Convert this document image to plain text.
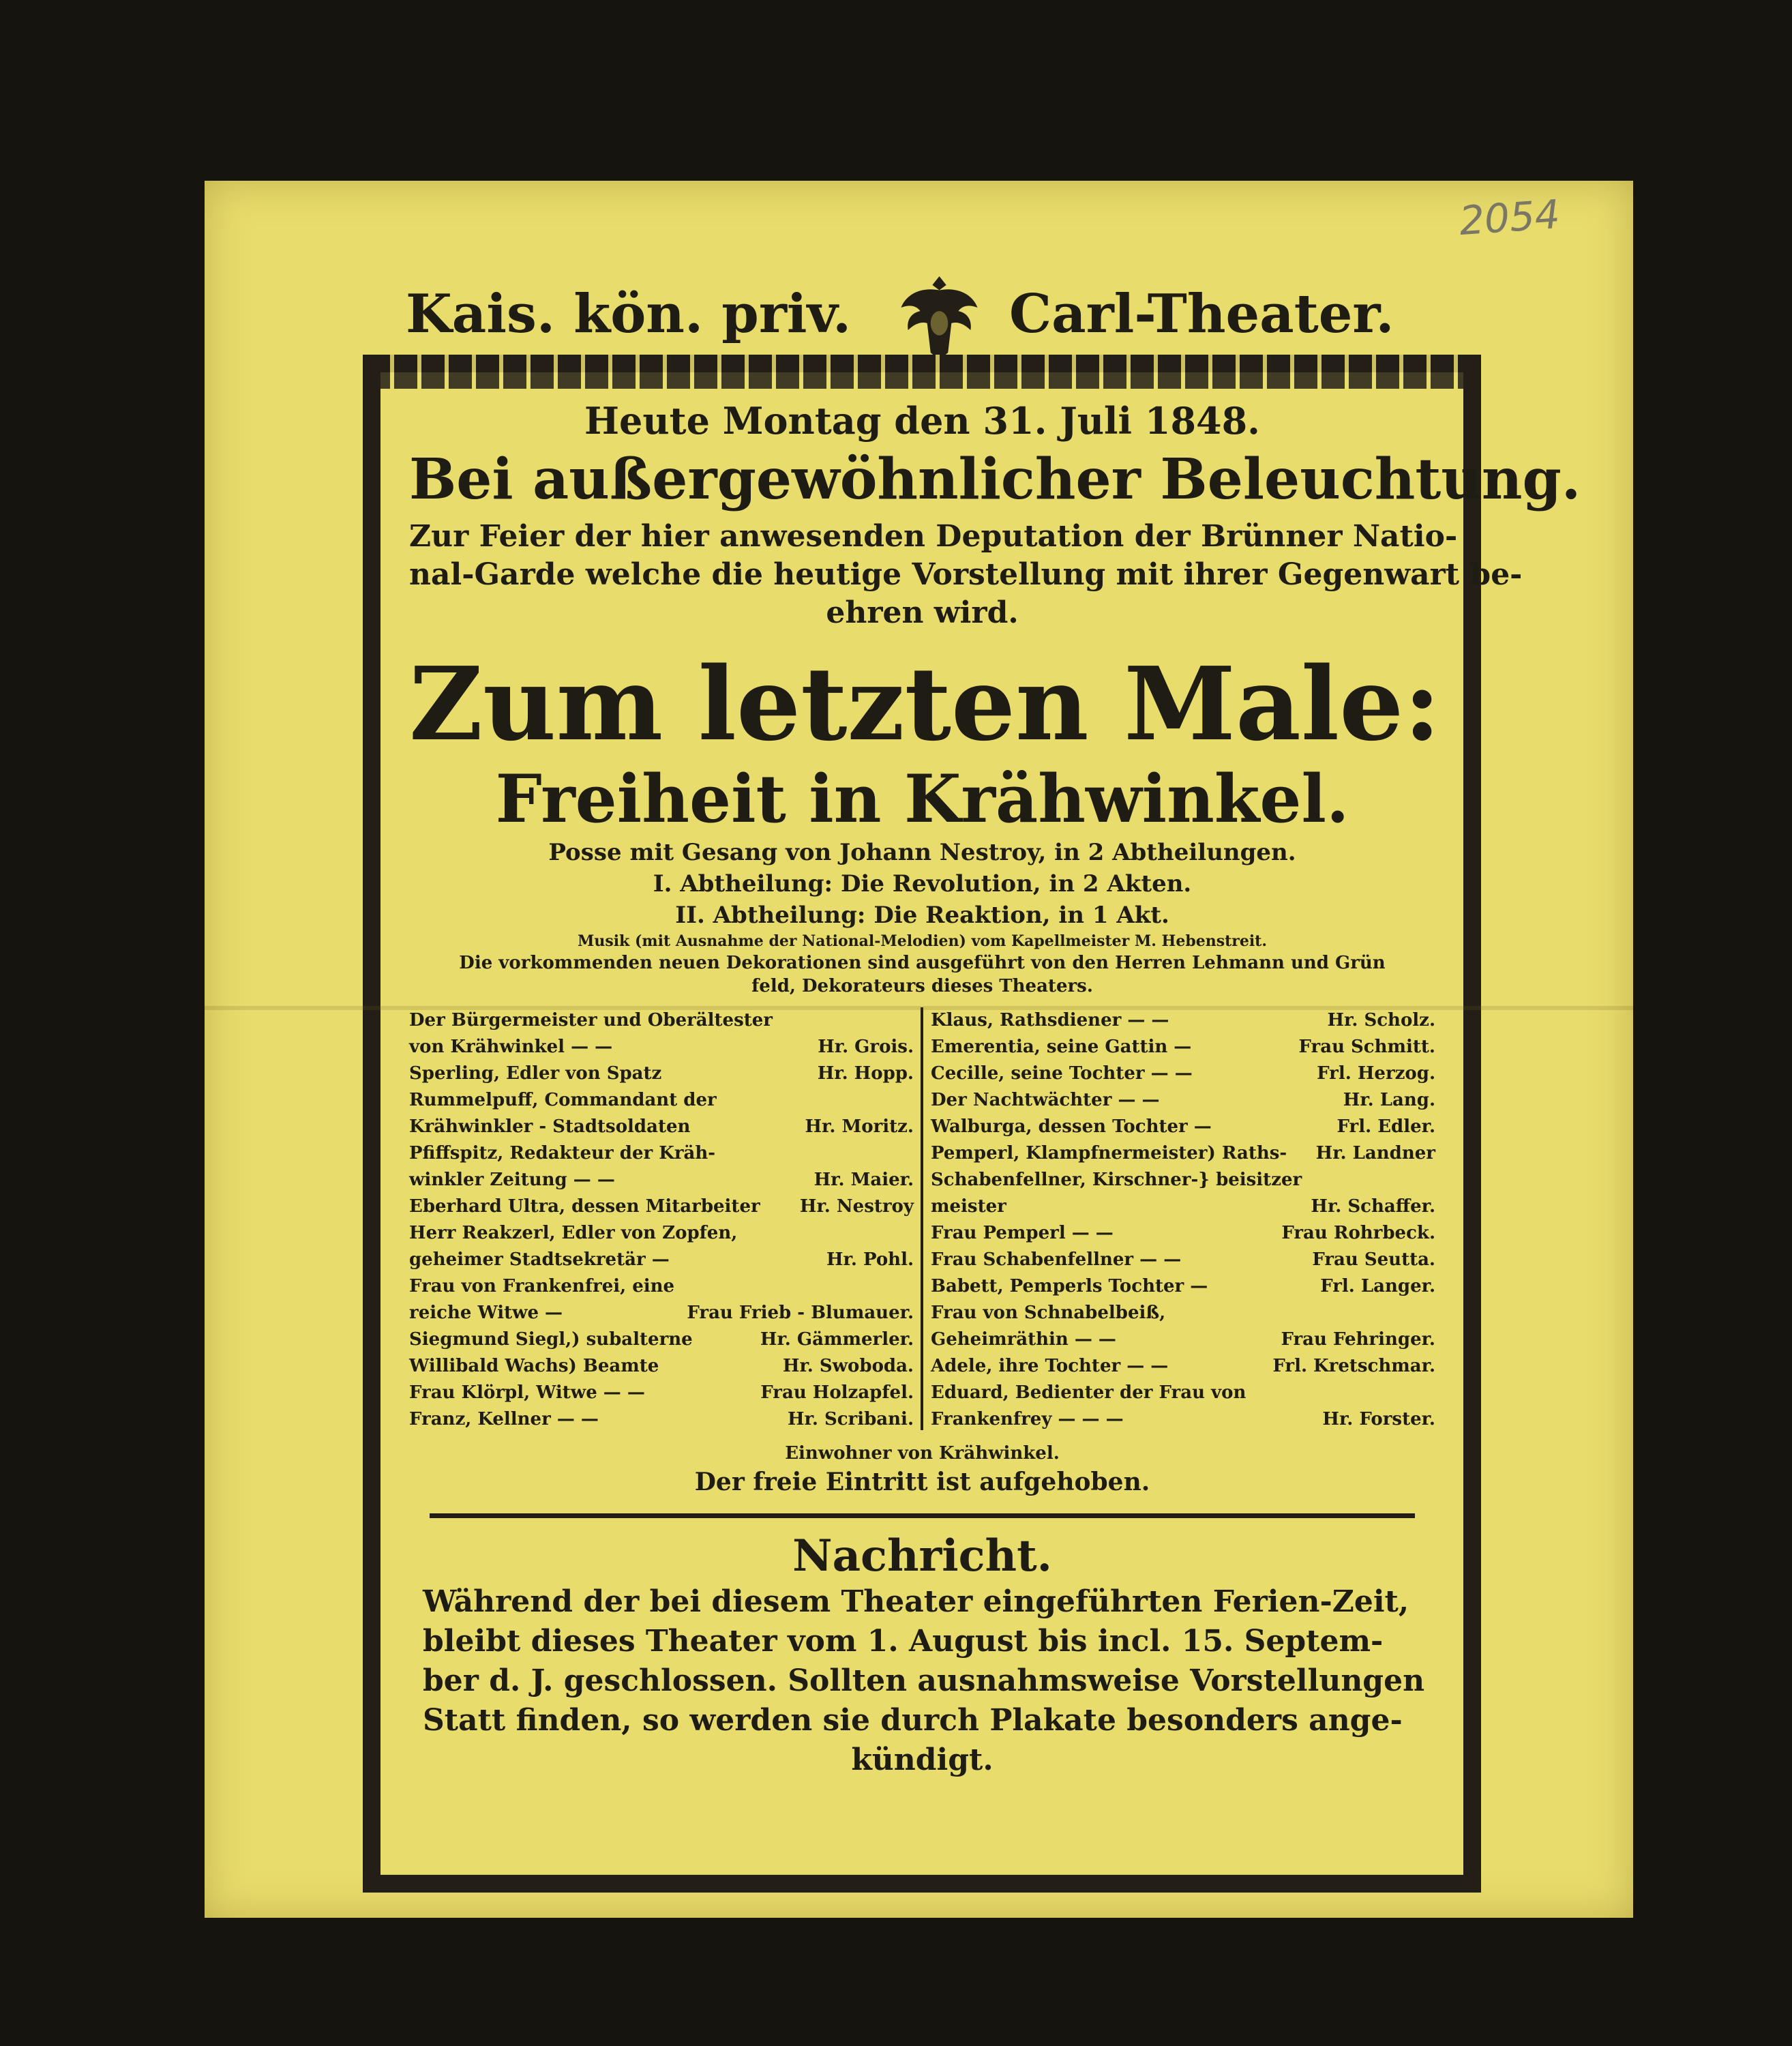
2054
Kais. kön. priv.	Carl-Theater.
Heute Montag den 31. Juli 1848.
Bei außergewöhnlicher Beleuchtung.
Zur Feier der hier anwesenden Deputation der Brünner Natio-
nal-Garde welche die heutige Vorstellung mit ihrer Gegenwart be-
ehren wird.
Zum letzten Male:
Freiheit in Krähwinkel.
Posse mit Gesang von Johann Nestroy, in 2 Abtheilungen.
I. Abtheilung: Die Revolution, in 2 Akten.
II. Abtheilung: Die Reaktion, in 1 Akt.
Musik (mit Ausnahme der National-Melodien) vom Kapellmeister M. Hebenstreit.
Die vorkommenden neuen Dekorationen sind ausgeführt von den Herren Lehmann und Grün
feld, Dekorateurs dieses Theaters.
Der Bürgermeister und Oberältester
von Krähwinkel — —	Hr. Grois.
Sperling, Edler von Spatz	Hr. Hopp.
Rummelpuff, Commandant der
Krähwinkler - Stadtsoldaten	Hr. Moritz.
Pfiffspitz, Redakteur der Kräh-
winkler Zeitung — —	Hr. Maier.
Eberhard Ultra, dessen Mitarbeiter Hr. Nestroy
Herr Reakzerl, Edler von Zopfen,
geheimer Stadtsekretär —	Hr. Pohl.
Frau von Frankenfrei, eine
reiche Witwe —	Frau Frieb - Blumauer.
Siegmund Siegl,) subalterne	Hr. Gämmerler.
Willibald Wachs) Beamte	Hr. Swoboda.
Frau Klörpl, Witwe — —	Frau Holzapfel.
Franz, Kellner — —	Hr. Scribani.
Klaus, Rathsdiener — —	Hr. Scholz.
Emerentia, seine Gattin —	Frau Schmitt.
Cecille, seine Tochter — —	Frl. Herzog.
Der Nachtwächter — —	Hr. Lang.
Walburga, dessen Tochter —	Frl. Edler.
Pemperl, Klampfnermeister) Raths- Hr. Landner
Schabenfellner, Kirschner-} beisitzer
meister	Hr. Schaffer.
Frau Pemperl — —	Frau Rohrbeck.
Frau Schabenfellner — —	Frau Seutta.
Babett, Pemperls Tochter —	Frl. Langer.
Frau von Schnabelbeiß,
Geheimräthin — —	Frau Fehringer.
Adele, ihre Tochter — —	Frl. Kretschmar.
Eduard, Bedienter der Frau von
Frankenfrey — — —	Hr. Forster.
Einwohner von Krähwinkel.
Der freie Eintritt ist aufgehoben.
Nachricht.
Während der bei diesem Theater eingeführten Ferien-Zeit,
bleibt dieses Theater vom 1. August bis incl. 15. Septem-
ber d. J. geschlossen. Sollten ausnahmsweise Vorstellungen
Statt finden, so werden sie durch Plakate besonders ange-
kündigt.
